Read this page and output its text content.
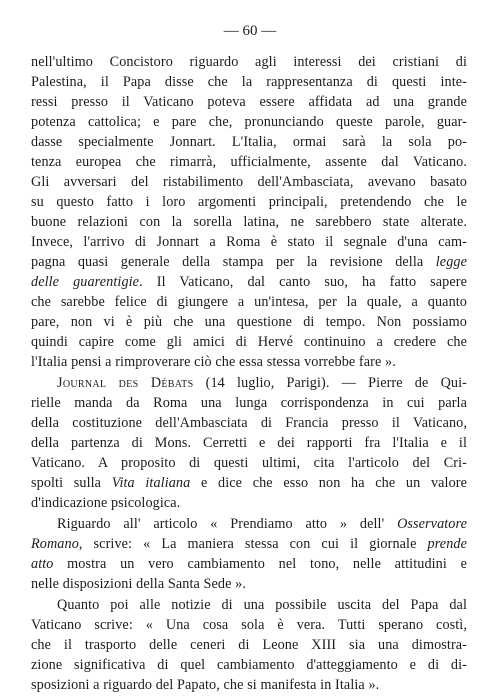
— 60 —
nell'ultimo Concistoro riguardo agli interessi dei cristiani di
Palestina, il Papa disse che la rappresentanza di questi inte-
ressi presso il Vaticano poteva essere affidata ad una grande
potenza cattolica; e pare che, pronunciando queste parole, guar-
dasse specialmente Jonnart. L'Italia, ormai sarà la sola po-
tenza europea che rimarrà, ufficialmente, assente dal Vaticano.
Gli avversari del ristabilimento dell'Ambasciata, avevano basato
su questo fatto i loro argomenti principali, pretendendo che le
buone relazioni con la sorella latina, ne sarebbero state alterate.
Invece, l'arrivo di Jonnart a Roma è stato il segnale d'una cam-
pagna quasi generale della stampa per la revisione della legge
delle guarentigie. Il Vaticano, dal canto suo, ha fatto sapere
che sarebbe felice di giungere a un'intesa, per la quale, a quanto
pare, non vi è più che una questione di tempo. Non possiamo
quindi capire come gli amici di Hervé continuino a credere che
l'Italia pensi a rimproverare ciò che essa stessa vorrebbe fare ».
Journal des Débats (14 luglio, Parigi). — Pierre de Qui-
rielle manda da Roma una lunga corrispondenza in cui parla
della costituzione dell'Ambasciata di Francia presso il Vaticano,
della partenza di Mons. Cerretti e dei rapporti fra l'Italia e il
Vaticano. A proposito di questi ultimi, cita l'articolo del Cri-
spolti sulla Vita italiana e dice che esso non ha che un valore
d'indicazione psicologica.
Riguardo all' articolo « Prendiamo atto » dell' Osservatore
Romano, scrive: « La maniera stessa con cui il giornale prende
atto mostra un vero cambiamento nel tono, nelle attitudini e
nelle disposizioni della Santa Sede ».
Quanto poi alle notizie di una possibile uscita del Papa dal
Vaticano scrive: « Una cosa sola è vera. Tutti sperano costì,
che il trasporto delle ceneri di Leone XIII sia una dimostra-
zione significativa di quel cambiamento d'atteggiamento e di di-
sposizioni a riguardo del Papato, che si manifesta in Italia ».
